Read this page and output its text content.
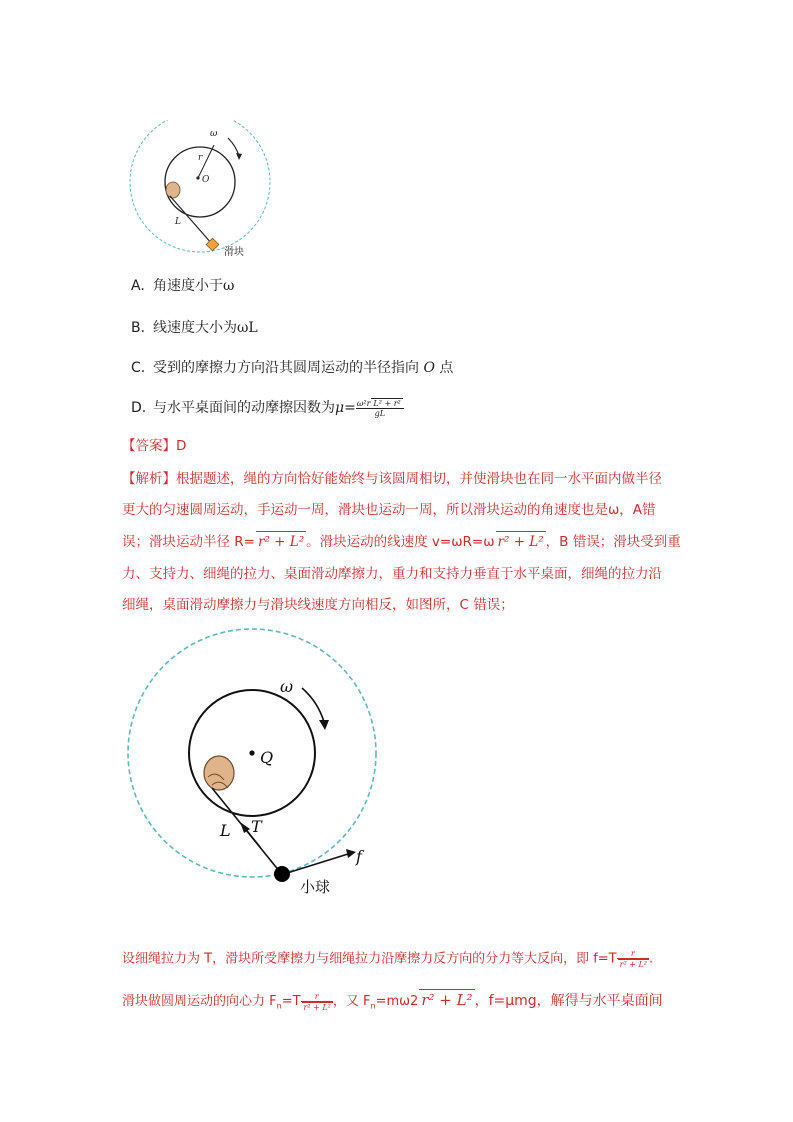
ω
r
O
L
滑块
A. 角速度小于ω
B. 线速度大小为ωL
C. 受到的摩擦力方向沿其圆周运动的半径指向 O 点
D. 与水平桌面间的动摩擦因数为$\mu= \frac{\text{ω²r L² + r²}}{gL}$
【答案】D
【解析】根据题述，绳的方向恰好能始终与该圆周相切，并使滑块也在同一水平面内做半径
更大的匀速圆周运动，手运动一周，滑块也运动一周，所以滑块运动的角速度也是ω，A错
误；滑块运动半径 R= r² + L² 。滑块运动的线速度 v=ωR=ω r² + L² ，B 错误；滑块受到重
力、支持力、细绳的拉力、桌面滑动摩擦力，重力和支持力垂直于水平桌面，细绳的拉力沿
细绳，桌面滑动摩擦力与滑块线速度方向相反，如图所，C 错误；
ω
Q
L T
f
小球
设细绳拉力为 T，滑块所受摩擦力与细绳拉力沿摩擦力反方向的分力等大反向，即 $f=T \frac{r}{\text{r² + L²}}$ .
滑块做圆周运动的向心力 $F_n=T \frac{r}{\text{r² + L²}}$ ，又 $F_n=m\omega 2$ r² + L² ，f=μmg，解得与水平桌面间
